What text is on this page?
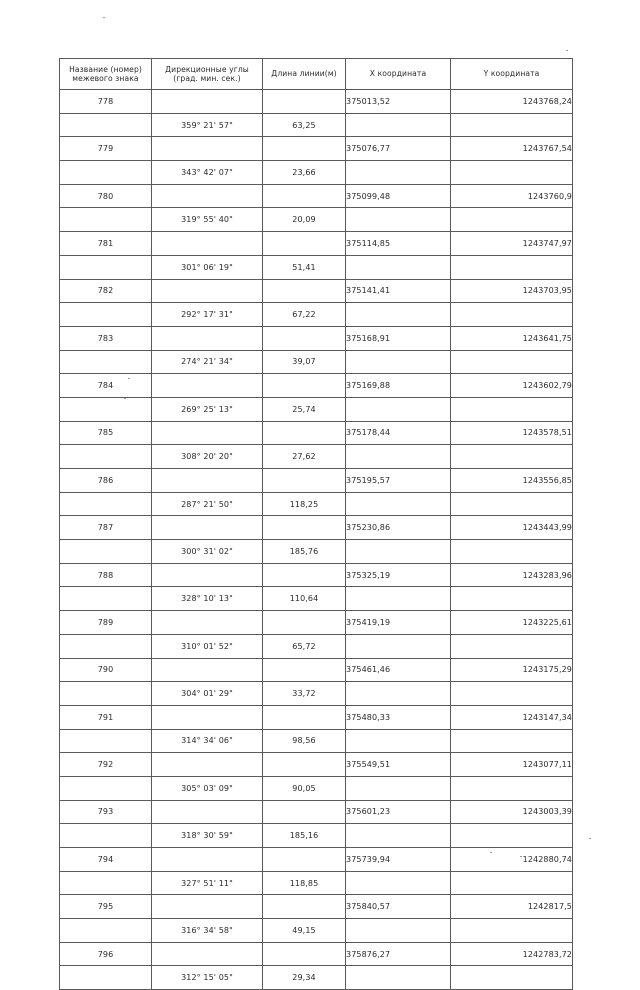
Название (номер) межевого знака	Дирекционные углы (град. мин. сек.)	Длина линии(м)	X координата	Y координата
778			375013,52	1243768,24
	359° 21' 57"	63,25		
779			375076,77	1243767,54
	343° 42' 07"	23,66		
780			375099,48	1243760,9
	319° 55' 40"	20,09		
781			375114,85	1243747,97
	301° 06' 19"	51,41		
782			375141,41	1243703,95
	292° 17' 31"	67,22		
783			375168,91	1243641,75
	274° 21' 34"	39,07		
784			375169,88	1243602,79
	269° 25' 13"	25,74		
785			375178,44	1243578,51
	308° 20' 20"	27,62		
786			375195,57	1243556,85
	287° 21' 50"	118,25		
787			375230,86	1243443,99
	300° 31' 02"	185,76		
788			375325,19	1243283,96
	328° 10' 13"	110,64		
789			375419,19	1243225,61
	310° 01' 52"	65,72		
790			375461,46	1243175,29
	304° 01' 29"	33,72		
791			375480,33	1243147,34
	314° 34' 06"	98,56		
792			375549,51	1243077,11
	305° 03' 09"	90,05		
793			375601,23	1243003,39
	318° 30' 59"	185,16		
794			375739,94	1242880,74
	327° 51' 11"	118,85		
795			375840,57	1242817,5
	316° 34' 58"	49,15		
796			375876,27	1242783,72
	312° 15' 05"	29,34		
